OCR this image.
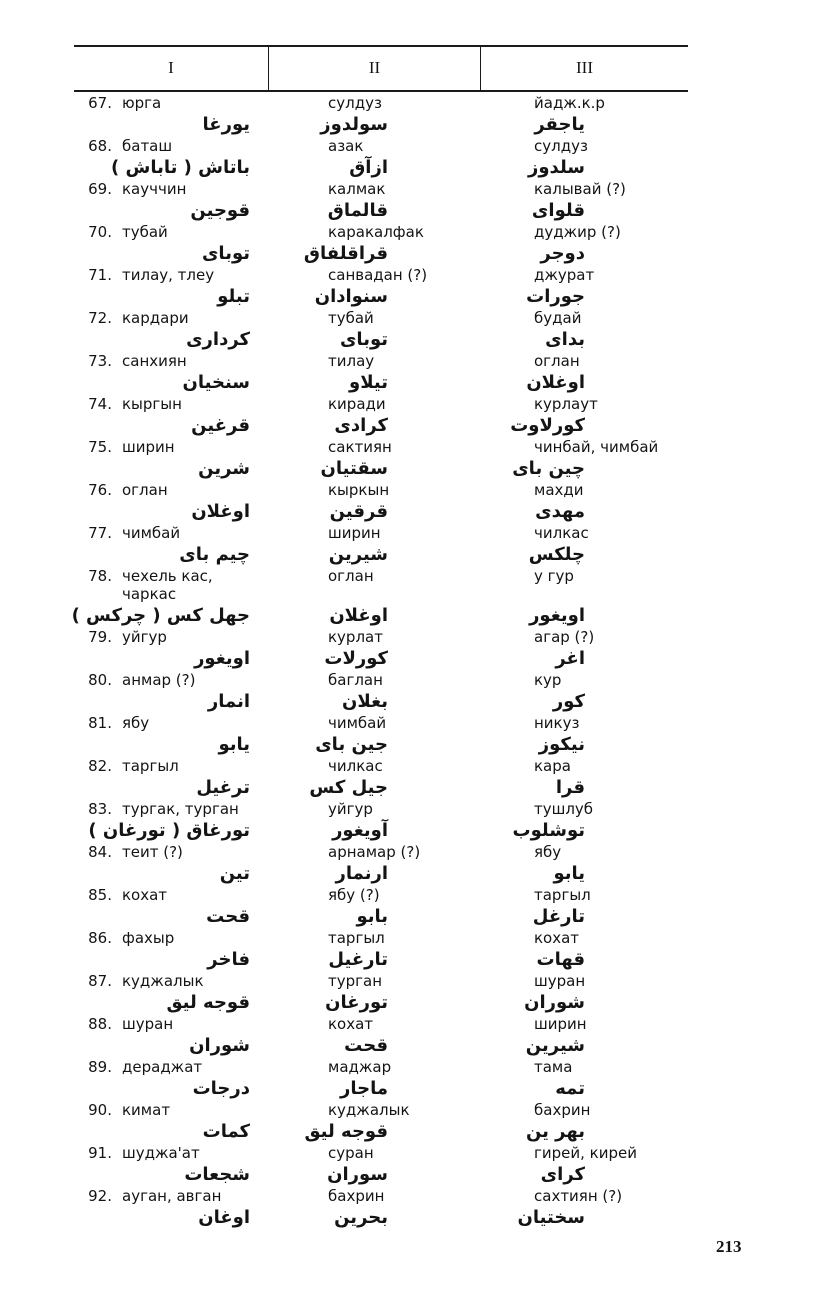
I	II	III
67. юрга
یورغا
сулдуз
سولدوز
йадж.к.р
یاجقر
68. баташ
باتاش ( تاباش )
азак
ازآق
сулдуз
سلدوز
69. кауччин
قوجین
калмак
قالماق
калывай (?)
قلوای
70. тубай
توبای
каракалфак
قراقلفاق
дуджир (?)
دوجر
71. тилау, тлеу
تبلو
санвадан (?)
سنوادان
джурат
جورات
72. кардари
کرداری
тубай
توبای
будай
بدای
73. санхиян
سنخیان
тилау
تیلاو
оглан
اوغلان
74. кыргын
قرغین
киради
کرادی
курлаут
کورلاوت
75. ширин
شرین
сактиян
سقتیان
чинбай, чимбай
چین بای
76. оглан
اوغلان
кыркын
قرقین
махди
مهدی
77. чимбай
چیم بای
ширин
شیرین
чилкас
چلکس
78. чехель кас,
чаркас
جهل کس ( چرکس )
оглан
اوغلان
у гур
اویغور
79. уйгур
اویغور
курлат
کورلات
агар (?)
اغر
80. анмар (?)
انمار
баглан
بغلان
кур
کور
81. ябу
یابو
чимбай
جین بای
никуз
نیکوز
82. таргыл
ترغیل
чилкас
جیل کس
кара
قرا
83. тургак, турган
تورغاق ( تورغان )
уйгур
آویغور
тушлуб
توشلوب
84. теит (?)
تین
арнамар (?)
ارنمار
ябу
یابو
85. кохат
قحت
ябу (?)
بابو
таргыл
تارغل
86. фахыр
فاخر
таргыл
تارغیل
кохат
قهات
87. куджалык
قوجه لیق
турган
تورغان
шуран
شوران
88. шуран
شوران
кохат
قحت
ширин
شیرین
89. дераджат
درجات
маджар
ماجار
тама
تمه
90. кимат
کمات
куджалык
قوجه لیق
бахрин
بهر ین
91. шуджа'ат
شجعات
суран
سوران
гирей, кирей
کرای
92. ауган, авган
اوغان
бахрин
بحرین
сахтиян (?)
سختیان
213
